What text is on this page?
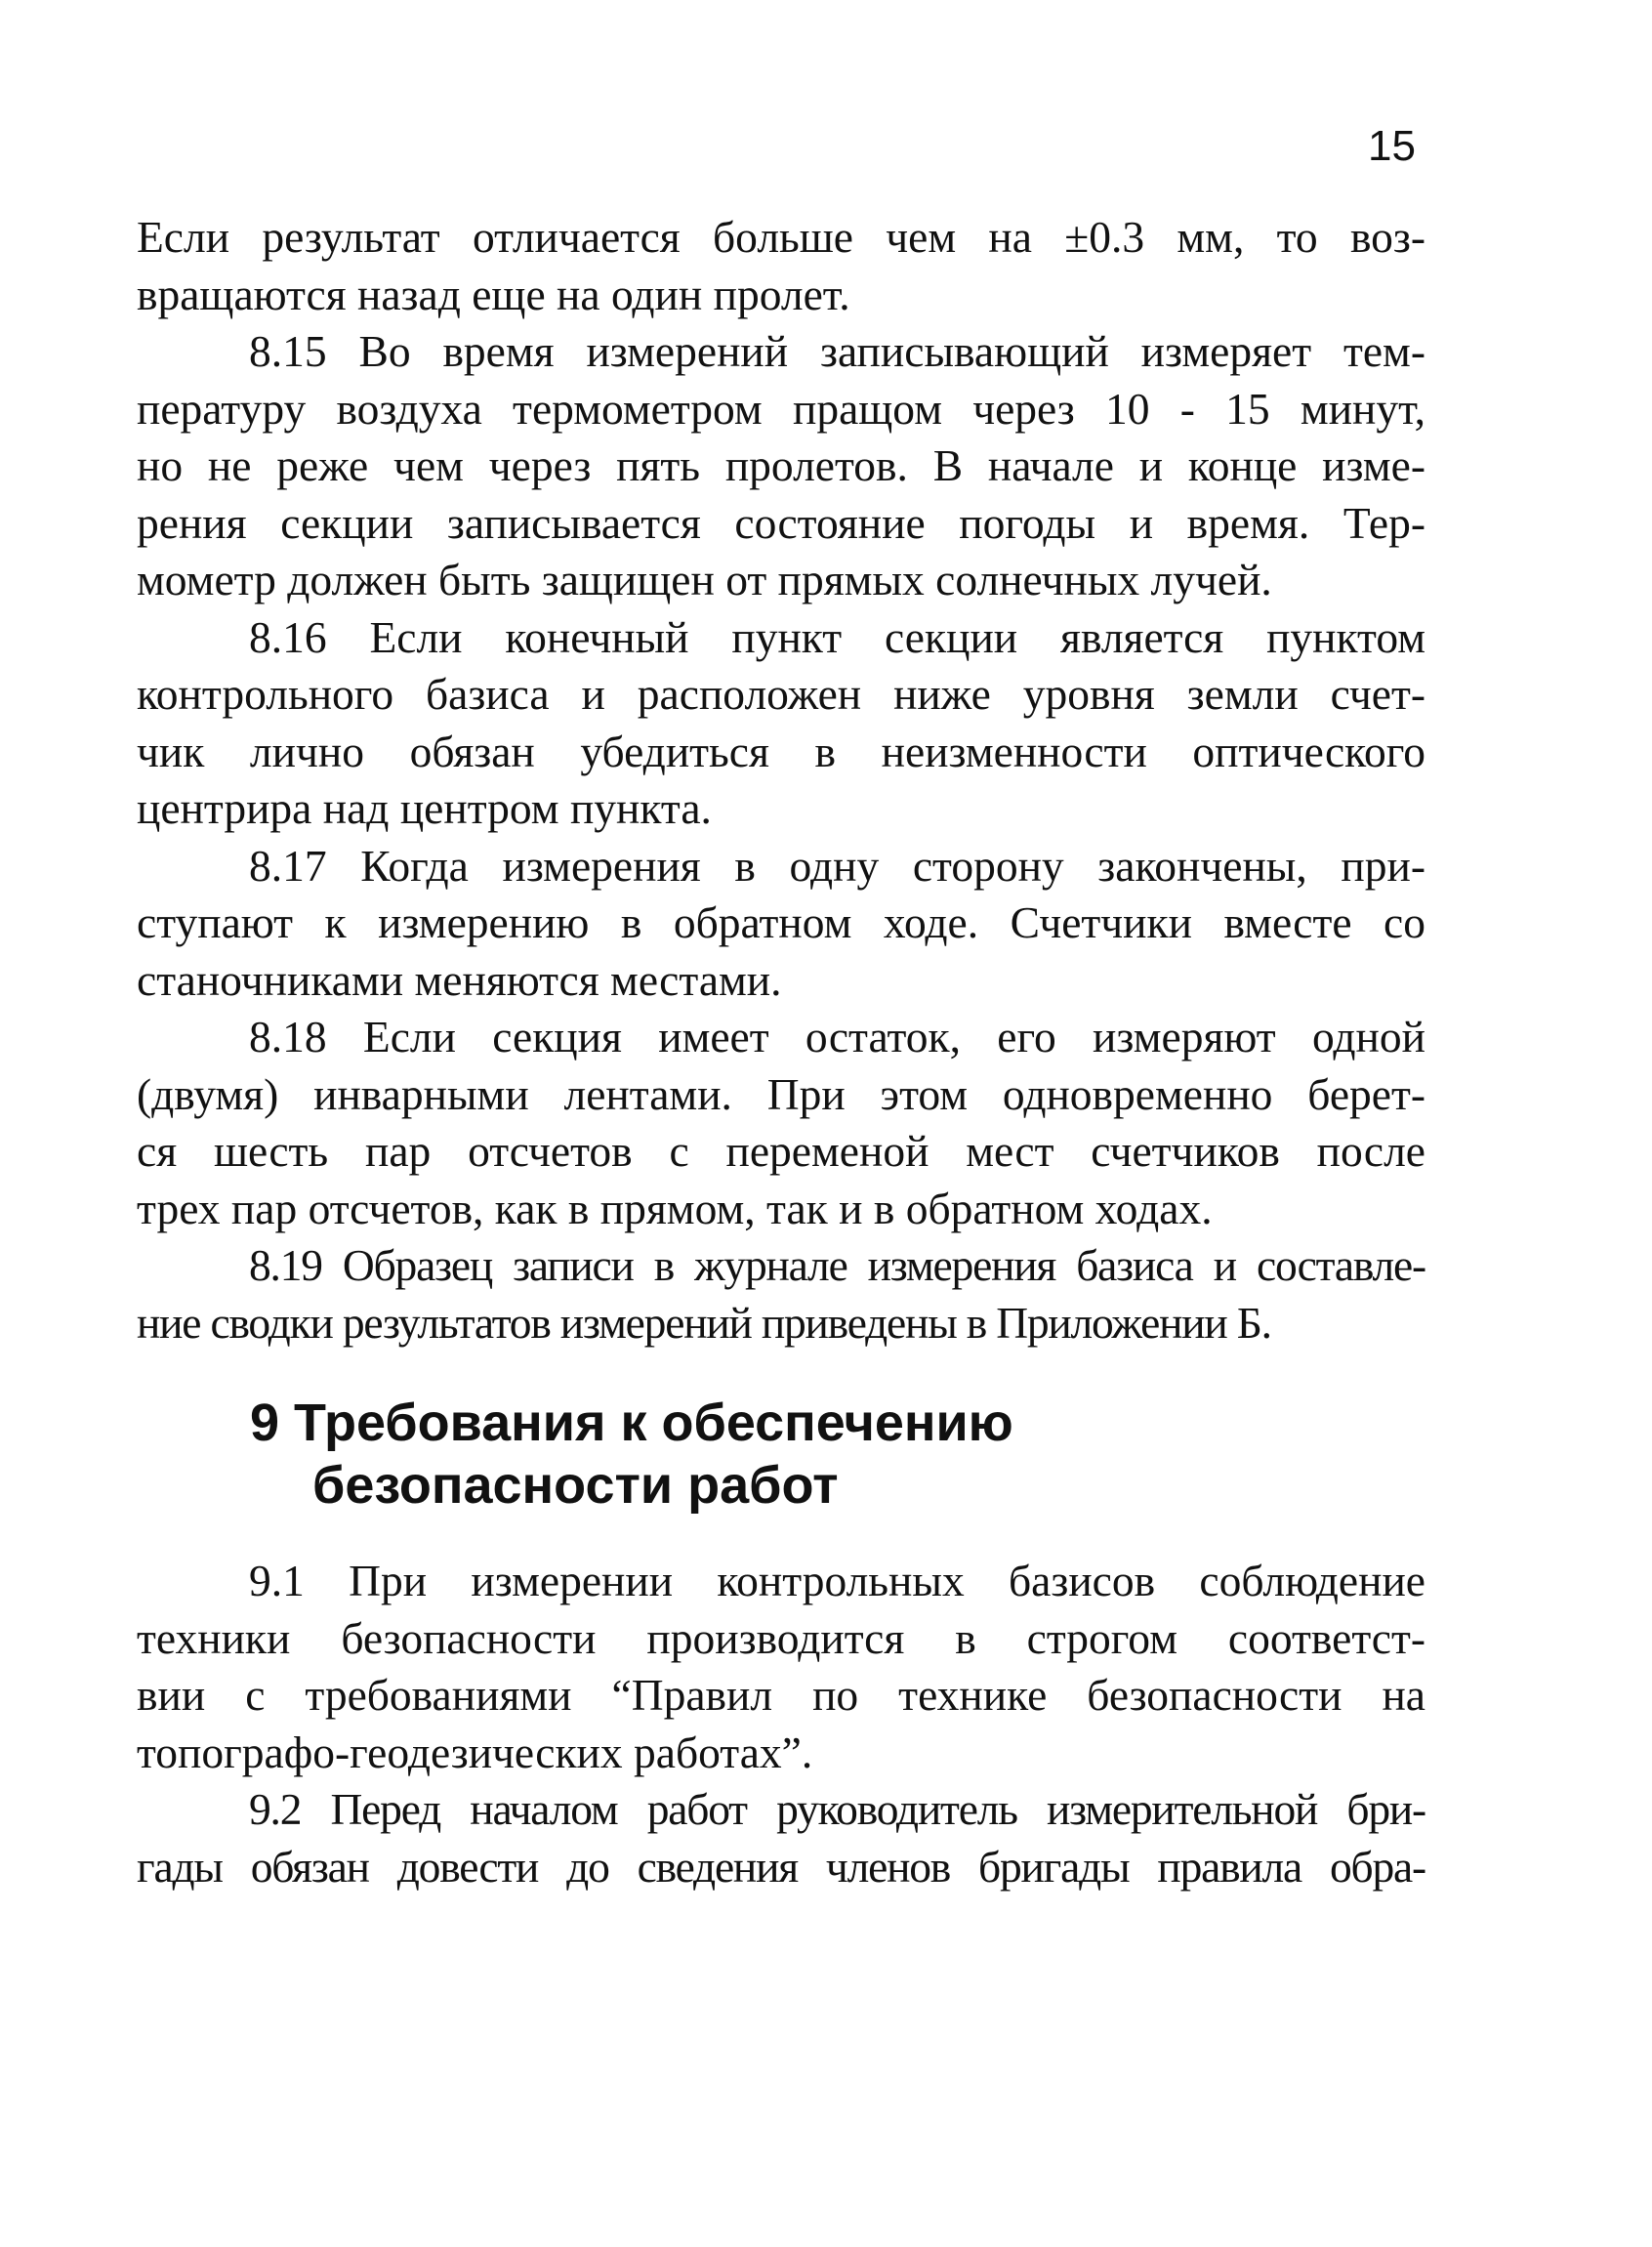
15
Если результат отличается больше чем на ±0.3 мм, то воз-
вращаются назад еще на один пролет.
8.15 Во время измерений записывающий измеряет тем-
пературу воздуха термометром пращом через 10 - 15 минут,
но не реже чем через пять пролетов. В начале и конце изме-
рения секции записывается состояние погоды и время. Тер-
мометр должен быть защищен от прямых солнечных лучей.
8.16 Если конечный пункт секции является пунктом
контрольного базиса и расположен ниже уровня земли счет-
чик лично обязан убедиться в неизменности оптического
центрира над центром пункта.
8.17 Когда измерения в одну сторону закончены, при-
ступают к измерению в обратном ходе. Счетчики вместе со
станочниками меняются местами.
8.18 Если секция имеет остаток, его измеряют одной
(двумя) инварными лентами. При этом одновременно берет-
ся шесть пар отсчетов с переменой мест счетчиков после
трех пар отсчетов, как в прямом, так и в обратном ходах.
8.19 Образец записи в журнале измерения базиса и составле-
ние сводки результатов измерений приведены в Приложении Б.
9 Требования к обеспечению
безопасности работ
9.1 При измерении контрольных базисов соблюдение
техники безопасности производится в строгом соответст-
вии с требованиями “Правил по технике безопасности на
топографо-геодезических работах”.
9.2 Перед началом работ руководитель измерительной бри-
гады обязан довести до сведения членов бригады правила обра-
